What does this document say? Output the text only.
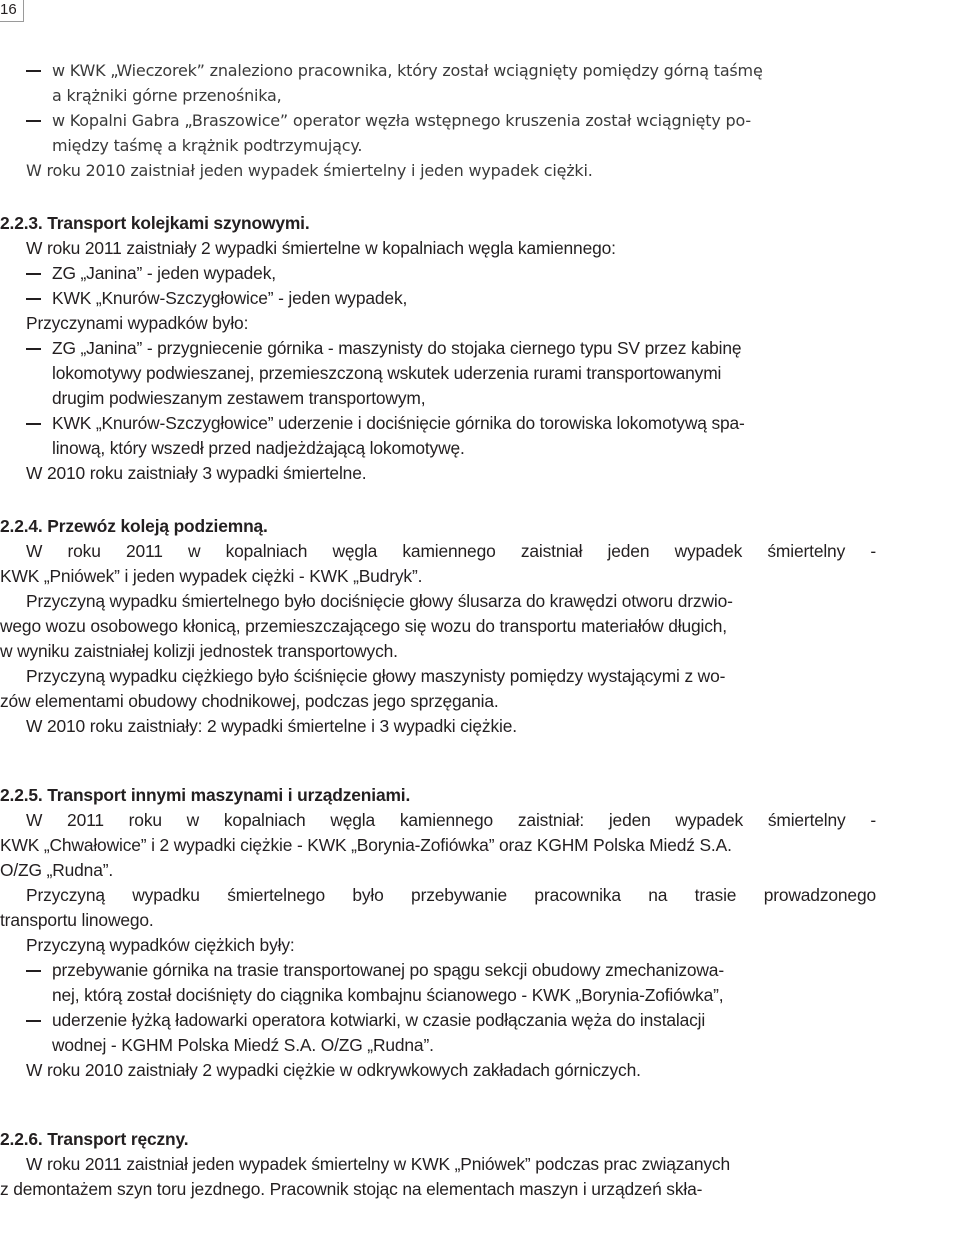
16
w KWK „Wieczorek” znaleziono pracownika, który został wciągnięty pomiędzy górną taśmę
a krążniki górne przenośnika,
w Kopalni Gabra „Braszowice” operator węzła wstępnego kruszenia został wciągnięty po-
między taśmę a krążnik podtrzymujący.
W roku 2010 zaistniał jeden wypadek śmiertelny i jeden wypadek ciężki.
2.2.3. Transport kolejkami szynowymi.
W roku 2011 zaistniały 2 wypadki śmiertelne w kopalniach węgla kamiennego:
ZG „Janina” - jeden wypadek,
KWK „Knurów-Szczygłowice” - jeden wypadek,
Przyczynami wypadków było:
ZG „Janina” - przygniecenie górnika - maszynisty do stojaka ciernego typu SV przez kabinę
lokomotywy podwieszanej, przemieszczoną wskutek uderzenia rurami transportowanymi
drugim podwieszanym zestawem transportowym,
KWK „Knurów-Szczygłowice” uderzenie i dociśnięcie górnika do torowiska lokomotywą spa-
linową, który wszedł przed nadjeżdżającą lokomotywę.
W 2010 roku zaistniały 3 wypadki śmiertelne.
2.2.4. Przewóz koleją podziemną.
W roku 2011 w kopalniach węgla kamiennego zaistniał jeden wypadek śmiertelny -
KWK „Pniówek” i jeden wypadek ciężki - KWK „Budryk”.
Przyczyną wypadku śmiertelnego było dociśnięcie głowy ślusarza do krawędzi otworu drzwio-
wego wozu osobowego kłonicą, przemieszczającego się wozu do transportu materiałów długich,
w wyniku zaistniałej kolizji jednostek transportowych.
Przyczyną wypadku ciężkiego było ściśnięcie głowy maszynisty pomiędzy wystającymi z wo-
zów elementami obudowy chodnikowej, podczas jego sprzęgania.
W 2010 roku zaistniały: 2 wypadki śmiertelne i 3 wypadki ciężkie.
2.2.5. Transport innymi maszynami i urządzeniami.
W 2011 roku w kopalniach węgla kamiennego zaistniał: jeden wypadek śmiertelny -
KWK „Chwałowice” i 2 wypadki ciężkie - KWK „Borynia-Zofiówka” oraz KGHM Polska Miedź S.A.
O/ZG „Rudna”.
Przyczyną wypadku śmiertelnego było przebywanie pracownika na trasie prowadzonego
transportu linowego.
Przyczyną wypadków ciężkich były:
przebywanie górnika na trasie transportowanej po spągu sekcji obudowy zmechanizowa-
nej, którą został dociśnięty do ciągnika kombajnu ścianowego - KWK „Borynia-Zofiówka”,
uderzenie łyżką ładowarki operatora kotwiarki, w czasie podłączania węża do instalacji
wodnej - KGHM Polska Miedź S.A. O/ZG „Rudna”.
W roku 2010 zaistniały 2 wypadki ciężkie w odkrywkowych zakładach górniczych.
2.2.6. Transport ręczny.
W roku 2011 zaistniał jeden wypadek śmiertelny w KWK „Pniówek” podczas prac związanych
z demontażem szyn toru jezdnego. Pracownik stojąc na elementach maszyn i urządzeń skła-
